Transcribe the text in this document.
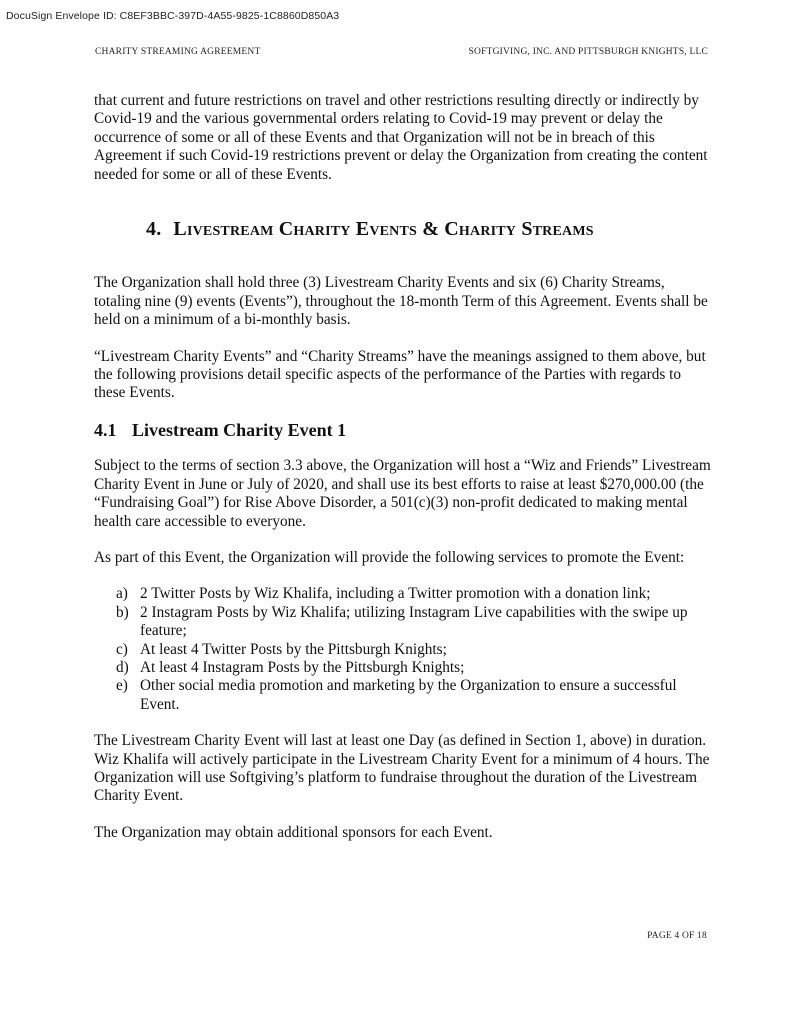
DocuSign Envelope ID: C8EF3BBC-397D-4A55-9825-1C8860D850A3
CHARITY STREAMING AGREEMENT	SOFTGIVING, INC. AND PITTSBURGH KNIGHTS, LLC

that current and future restrictions on travel and other restrictions resulting directly or indirectly by Covid-19 and the various governmental orders relating to Covid-19 may prevent or delay the occurrence of some or all of these Events and that Organization will not be in breach of this Agreement if such Covid-19 restrictions prevent or delay the Organization from creating the content needed for some or all of these Events.

4. Livestream Charity Events & Charity Streams

The Organization shall hold three (3) Livestream Charity Events and six (6) Charity Streams, totaling nine (9) events (Events”), throughout the 18-month Term of this Agreement. Events shall be held on a minimum of a bi-monthly basis.

“Livestream Charity Events” and “Charity Streams” have the meanings assigned to them above, but the following provisions detail specific aspects of the performance of the Parties with regards to these Events.

4.1 Livestream Charity Event 1

Subject to the terms of section 3.3 above, the Organization will host a “Wiz and Friends” Livestream Charity Event in June or July of 2020, and shall use its best efforts to raise at least $270,000.00 (the “Fundraising Goal”) for Rise Above Disorder, a 501(c)(3) non-profit dedicated to making mental health care accessible to everyone.

As part of this Event, the Organization will provide the following services to promote the Event:

a) 2 Twitter Posts by Wiz Khalifa, including a Twitter promotion with a donation link;
b) 2 Instagram Posts by Wiz Khalifa; utilizing Instagram Live capabilities with the swipe up feature;
c) At least 4 Twitter Posts by the Pittsburgh Knights;
d) At least 4 Instagram Posts by the Pittsburgh Knights;
e) Other social media promotion and marketing by the Organization to ensure a successful Event.

The Livestream Charity Event will last at least one Day (as defined in Section 1, above) in duration. Wiz Khalifa will actively participate in the Livestream Charity Event for a minimum of 4 hours. The Organization will use Softgiving’s platform to fundraise throughout the duration of the Livestream Charity Event.

The Organization may obtain additional sponsors for each Event.

PAGE 4 OF 18
